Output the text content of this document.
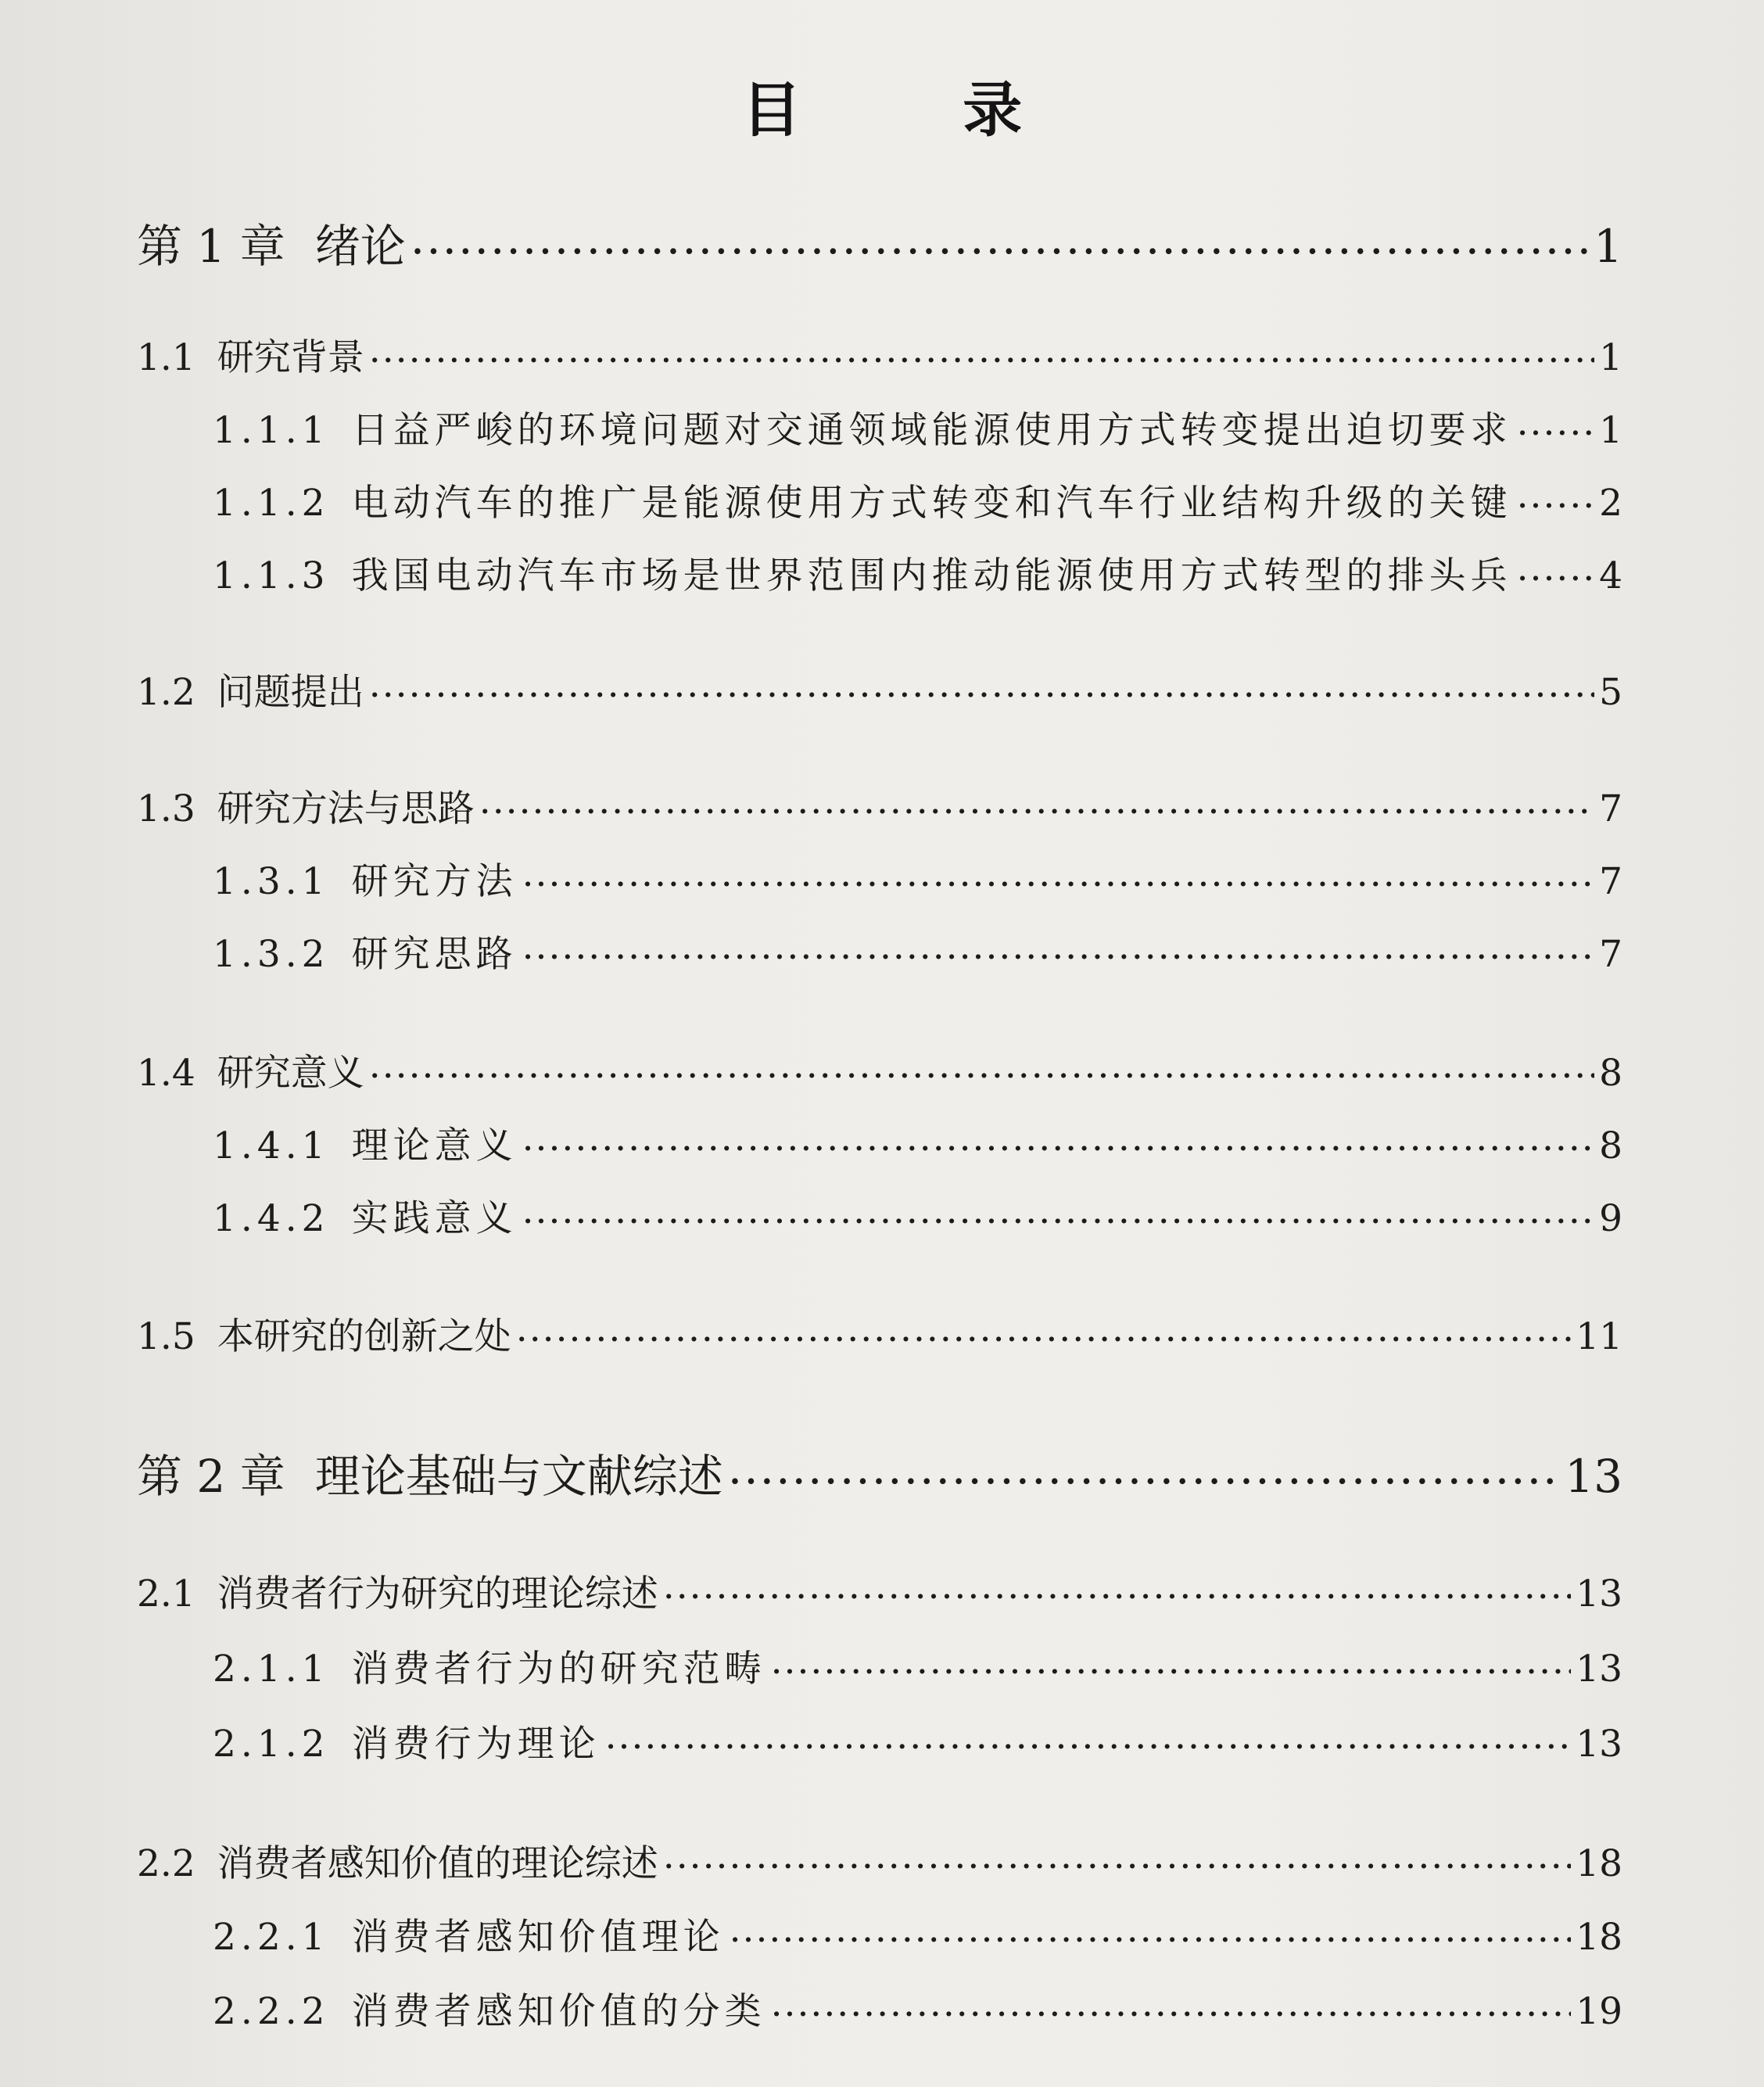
目 录
第 1 章 绪论 .....	1
1.1 研究背景 .....	1
1.1.1 日益严峻的环境问题对交通领域能源使用方式转变提出迫切要求 ..... 1
1.1.2 电动汽车的推广是能源使用方式转变和汽车行业结构升级的关键 ..... 2
1.1.3 我国电动汽车市场是世界范围内推动能源使用方式转型的排头兵 ..... 4
1.2 问题提出 .....	5
1.3 研究方法与思路 .....	7
1.3.1 研究方法 .....	7
1.3.2 研究思路 .....	7
1.4 研究意义 .....	8
1.4.1 理论意义 .....	8
1.4.2 实践意义 .....	9
1.5 本研究的创新之处 .....	11
第 2 章 理论基础与文献综述 .....	13
2.1 消费者行为研究的理论综述 .....	13
2.1.1 消费者行为的研究范畴 .....	13
2.1.2 消费行为理论 .....	13
2.2 消费者感知价值的理论综述 .....	18
2.2.1 消费者感知价值理论 .....	18
2.2.2 消费者感知价值的分类 .....	19
